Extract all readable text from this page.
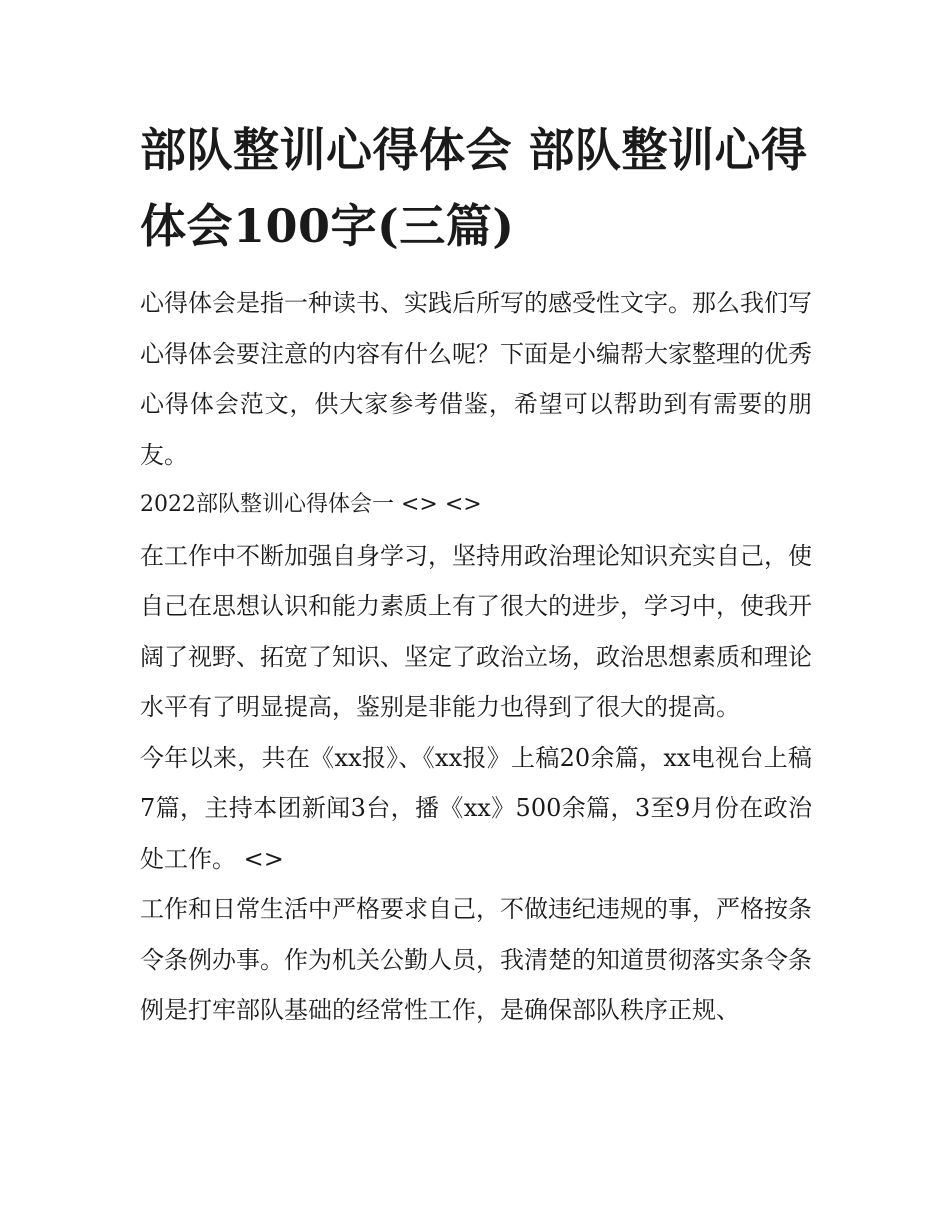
部队整训心得体会 部队整训心得体会100字(三篇)

心得体会是指一种读书、实践后所写的感受性文字。那么我们写心得体会要注意的内容有什么呢？下面是小编帮大家整理的优秀心得体会范文，供大家参考借鉴，希望可以帮助到有需要的朋友。

2022部队整训心得体会一 <> <>

在工作中不断加强自身学习，坚持用政治理论知识充实自己，使自己在思想认识和能力素质上有了很大的进步，学习中，使我开阔了视野、拓宽了知识、坚定了政治立场，政治思想素质和理论水平有了明显提高，鉴别是非能力也得到了很大的提高。

今年以来，共在《xx报》、《xx报》上稿20余篇，xx电视台上稿7篇，主持本团新闻3台，播《xx》500余篇，3至9月份在政治处工作。 <>

工作和日常生活中严格要求自己，不做违纪违规的事，严格按条令条例办事。作为机关公勤人员，我清楚的知道贯彻落实条令条例是打牢部队基础的经常性工作，是确保部队秩序正规、
